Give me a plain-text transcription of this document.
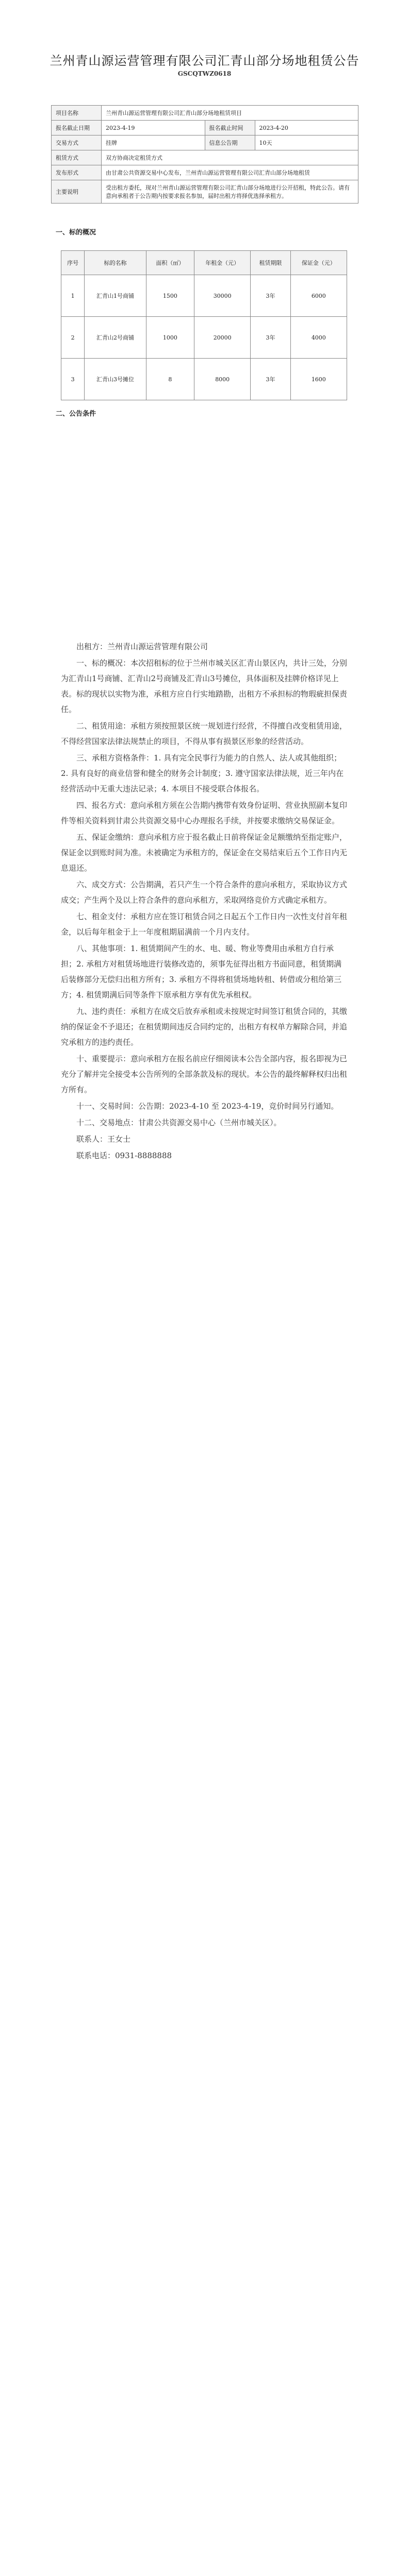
兰州青山源运营管理有限公司汇青山部分场地租赁公告
GSCQTWZ0618
项目名称	兰州青山源运营管理有限公司汇青山部分场地租赁项目		
报名截止日期	2023-4-19	报名截止时间	2023-4-20
交易方式	挂牌	信息公告期	10天
租赁方式	双方协商决定租赁方式		
发布形式	由甘肃公共资源交易中心发布，兰州青山源运营管理有限公司汇青山部分场地租赁		
主要说明	受出租方委托，现对兰州青山源运营管理有限公司汇青山部分场地进行公开招租，特此公告。请有意向承租者于公告期内按要求报名参加，届时出租方将择优选择承租方。		
一、标的概况
序号	标的名称	面积（㎡）	年租金（元）	租赁期限	保证金（元）
1	汇青山1号商铺	1500	30000	3年	6000
2	汇青山2号商铺	1000	20000	3年	4000
3	汇青山3号摊位	8	8000	3年	1600
二、公告条件

出租方：兰州青山源运营管理有限公司

一、标的概况：本次招租标的位于兰州市城关区汇青山景区内，共计三处，分别为汇青山1号商铺、汇青山2号商铺及汇青山3号摊位，具体面积及挂牌价格详见上表。标的现状以实物为准，承租方应自行实地踏勘，出租方不承担标的物瑕疵担保责任。

二、租赁用途：承租方须按照景区统一规划进行经营，不得擅自改变租赁用途，不得经营国家法律法规禁止的项目，不得从事有损景区形象的经营活动。

三、承租方资格条件：1. 具有完全民事行为能力的自然人、法人或其他组织；2. 具有良好的商业信誉和健全的财务会计制度；3. 遵守国家法律法规，近三年内在经营活动中无重大违法记录；4. 本项目不接受联合体报名。

四、报名方式：意向承租方须在公告期内携带有效身份证明、营业执照副本复印件等相关资料到甘肃公共资源交易中心办理报名手续，并按要求缴纳交易保证金。

五、保证金缴纳：意向承租方应于报名截止日前将保证金足额缴纳至指定账户，保证金以到账时间为准。未被确定为承租方的，保证金在交易结束后五个工作日内无息退还。

六、成交方式：公告期满，若只产生一个符合条件的意向承租方，采取协议方式成交；产生两个及以上符合条件的意向承租方，采取网络竞价方式确定承租方。

七、租金支付：承租方应在签订租赁合同之日起五个工作日内一次性支付首年租金，以后每年租金于上一年度租期届满前一个月内支付。

八、其他事项：1. 租赁期间产生的水、电、暖、物业等费用由承租方自行承担；2. 承租方对租赁场地进行装修改造的，须事先征得出租方书面同意，租赁期满后装修部分无偿归出租方所有；3. 承租方不得将租赁场地转租、转借或分租给第三方；4. 租赁期满后同等条件下原承租方享有优先承租权。

九、违约责任：承租方在成交后放弃承租或未按规定时间签订租赁合同的，其缴纳的保证金不予退还；在租赁期间违反合同约定的，出租方有权单方解除合同，并追究承租方的违约责任。

十、重要提示：意向承租方在报名前应仔细阅读本公告全部内容，报名即视为已充分了解并完全接受本公告所列的全部条款及标的现状。本公告的最终解释权归出租方所有。

十一、交易时间：公告期：2023-4-10 至 2023-4-19，竞价时间另行通知。

十二、交易地点：甘肃公共资源交易中心（兰州市城关区）。

联系人：王女士

联系电话：0931-8888888
